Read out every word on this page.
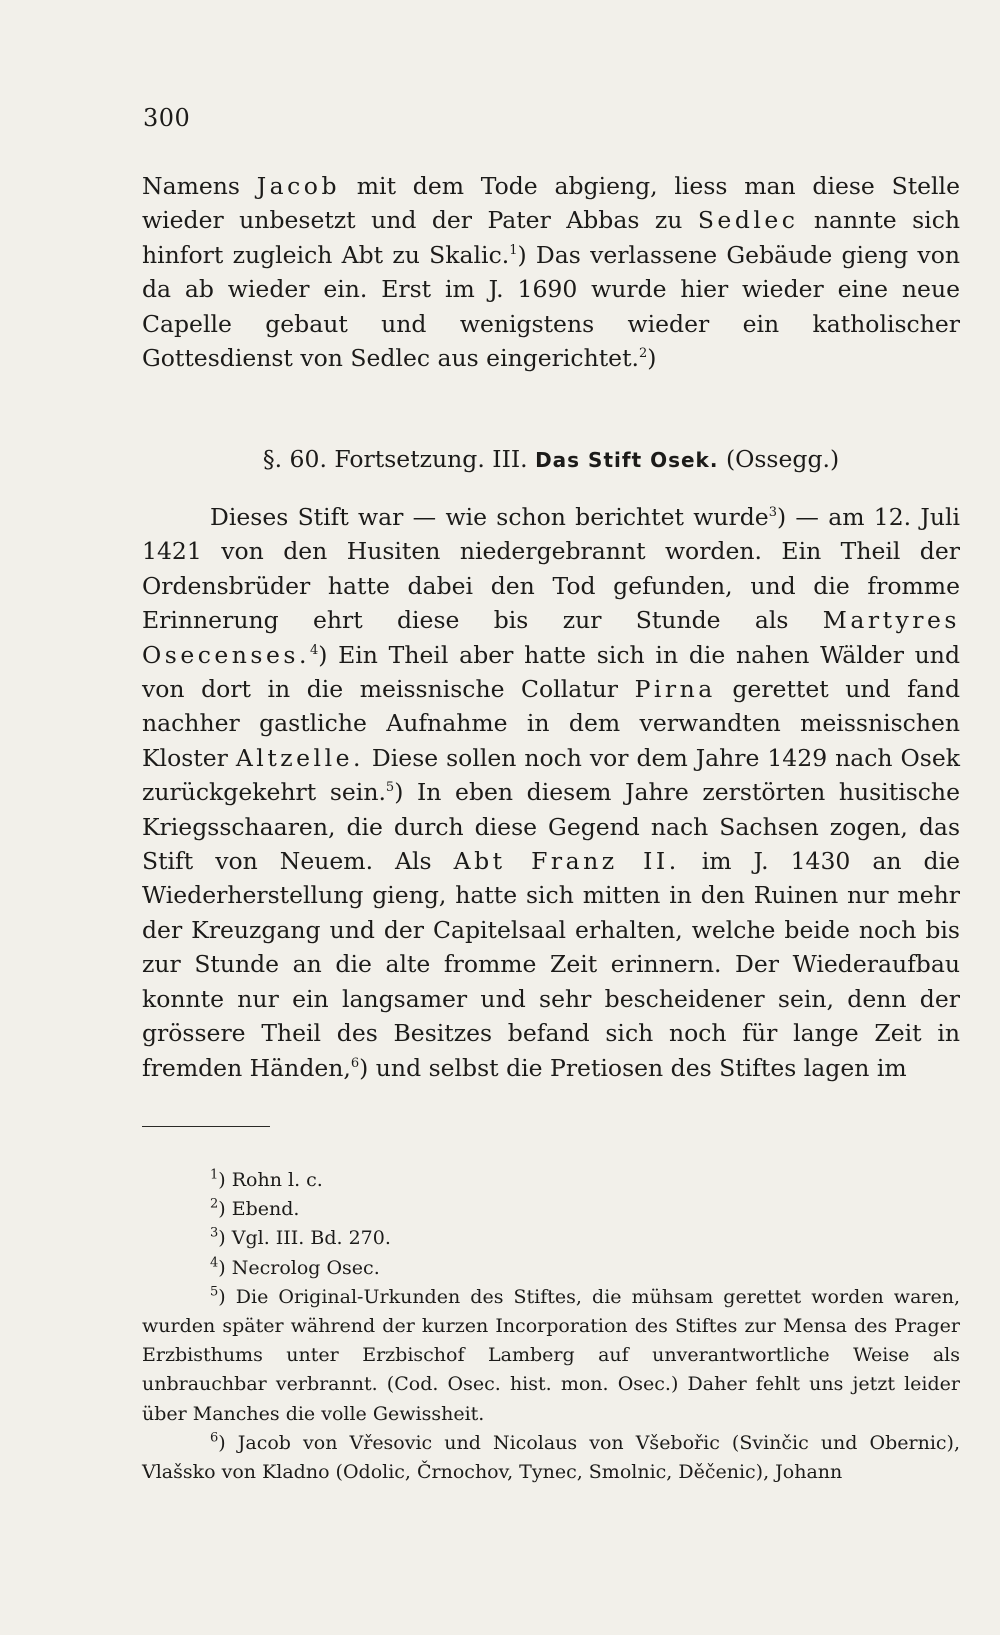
300

Namens Jacob mit dem Tode abgieng, liess man diese Stelle wieder unbesetzt und der Pater Abbas zu Sedlec nannte sich hinfort zugleich Abt zu Skalic.$^1$) Das verlassene Gebäude gieng von da ab wieder ein. Erst im J. 1690 wurde hier wieder eine neue Capelle gebaut und wenigstens wieder ein katholischer Gottesdienst von Sedlec aus eingerichtet.$^2$)

§. 60. Fortsetzung. III. Das Stift Osek. (Ossegg.)

Dieses Stift war — wie schon berichtet wurde$^3$) — am 12. Juli 1421 von den Husiten niedergebrannt worden. Ein Theil der Ordensbrüder hatte dabei den Tod gefunden, und die fromme Erinnerung ehrt diese bis zur Stunde als Martyres Osecenses.$^4$) Ein Theil aber hatte sich in die nahen Wälder und von dort in die meissnische Collatur Pirna gerettet und fand nachher gastliche Aufnahme in dem verwandten meissnischen Kloster Altzelle. Diese sollen noch vor dem Jahre 1429 nach Osek zurückgekehrt sein.$^5$) In eben diesem Jahre zerstörten husitische Kriegsschaaren, die durch diese Gegend nach Sachsen zogen, das Stift von Neuem. Als Abt Franz II. im J. 1430 an die Wiederherstellung gieng, hatte sich mitten in den Ruinen nur mehr der Kreuzgang und der Capitelsaal erhalten, welche beide noch bis zur Stunde an die alte fromme Zeit erinnern. Der Wiederaufbau konnte nur ein langsamer und sehr bescheidener sein, denn der grössere Theil des Besitzes befand sich noch für lange Zeit in fremden Händen,$^6$) und selbst die Pretiosen des Stiftes lagen im

$^1$) Rohn l. c.

$^2$) Ebend.

$^3$) Vgl. III. Bd. 270.

$^4$) Necrolog Osec.

$^5$) Die Original-Urkunden des Stiftes, die mühsam gerettet worden waren, wurden später während der kurzen Incorporation des Stiftes zur Mensa des Prager Erzbisthums unter Erzbischof Lamberg auf unverantwortliche Weise als unbrauchbar verbrannt. (Cod. Osec. hist. mon. Osec.) Daher fehlt uns jetzt leider über Manches die volle Gewissheit.

$^6$) Jacob von Vřesovic und Nicolaus von Všebořic (Svinčic und Obernic), Vlašsko von Kladno (Odolic, Črnochov, Tynec, Smolnic, Děčenic), Johann
